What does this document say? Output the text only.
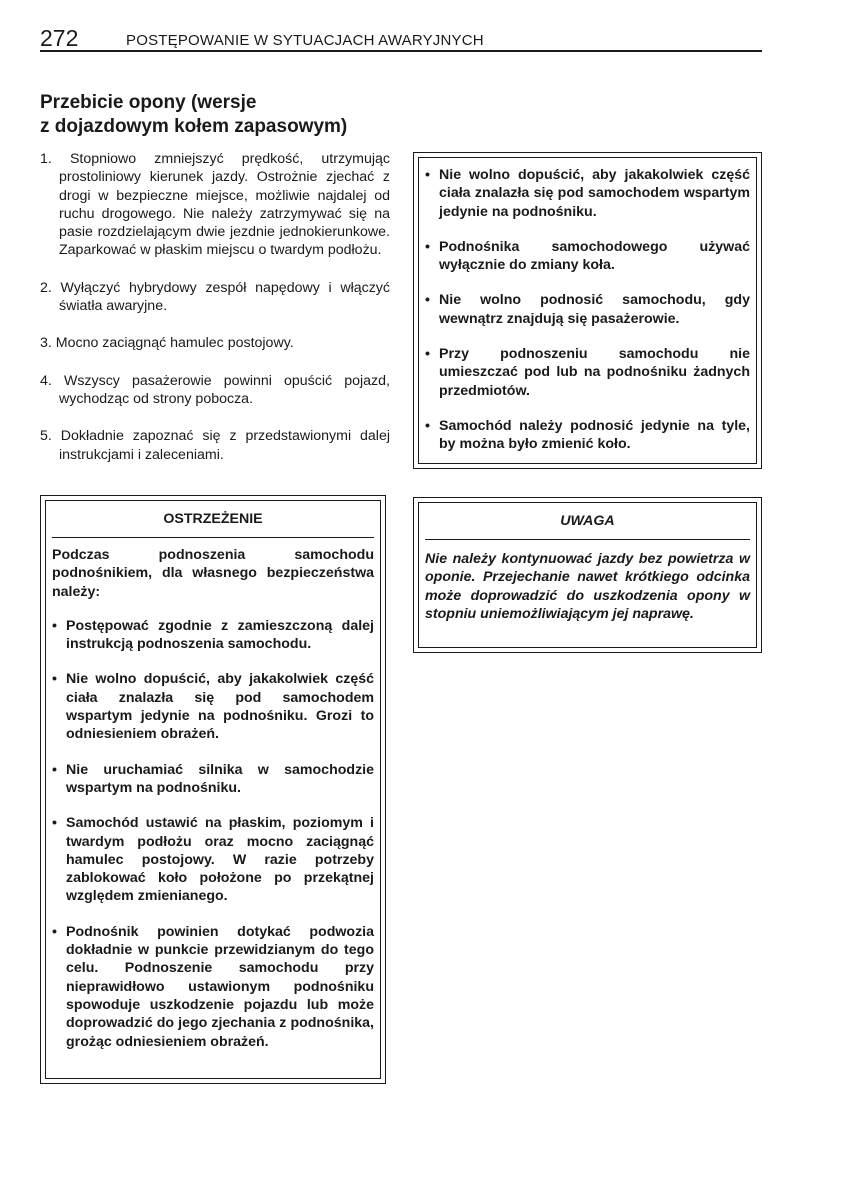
272	POSTĘPOWANIE W SYTUACJACH AWARYJNYCH
Przebicie opony (wersje
z dojazdowym kołem zapasowym)
1. Stopniowo zmniejszyć prędkość, utrzymując prostoliniowy kierunek jazdy. Ostrożnie zjechać z drogi w bezpieczne miejsce, możliwie najdalej od ruchu drogowego. Nie należy zatrzymywać się na pasie rozdzielającym dwie jezdnie jednokierunkowe. Zaparkować w płaskim miejscu o twardym podłożu.
2. Wyłączyć hybrydowy zespół napędowy i włączyć światła awaryjne.
3. Mocno zaciągnąć hamulec postojowy.
4. Wszyscy pasażerowie powinni opuścić pojazd, wychodząc od strony pobocza.
5. Dokładnie zapoznać się z przedstawionymi dalej instrukcjami i zaleceniami.
• Nie wolno dopuścić, aby jakakolwiek część ciała znalazła się pod samochodem wspartym jedynie na podnośniku.
• Podnośnika samochodowego używać wyłącznie do zmiany koła.
• Nie wolno podnosić samochodu, gdy wewnątrz znajdują się pasażerowie.
• Przy podnoszeniu samochodu nie umieszczać pod lub na podnośniku żadnych przedmiotów.
• Samochód należy podnosić jedynie na tyle, by można było zmienić koło.
OSTRZEŻENIE

Podczas podnoszenia samochodu podnośnikiem, dla własnego bezpieczeństwa należy:

• Postępować zgodnie z zamieszczoną dalej instrukcją podnoszenia samochodu.
• Nie wolno dopuścić, aby jakakolwiek część ciała znalazła się pod samochodem wspartym jedynie na podnośniku. Grozi to odniesieniem obrażeń.
• Nie uruchamiać silnika w samochodzie wspartym na podnośniku.
• Samochód ustawić na płaskim, poziomym i twardym podłożu oraz mocno zaciągnąć hamulec postojowy. W razie potrzeby zablokować koło położone po przekątnej względem zmienianego.
• Podnośnik powinien dotykać podwozia dokładnie w punkcie przewidzianym do tego celu. Podnoszenie samochodu przy nieprawidłowo ustawionym podnośniku spowoduje uszkodzenie pojazdu lub może doprowadzić do jego zjechania z podnośnika, grożąc odniesieniem obrażeń.
UWAGA

Nie należy kontynuować jazdy bez powietrza w oponie. Przejechanie nawet krótkiego odcinka może doprowadzić do uszkodzenia opony w stopniu uniemożliwiającym jej naprawę.
